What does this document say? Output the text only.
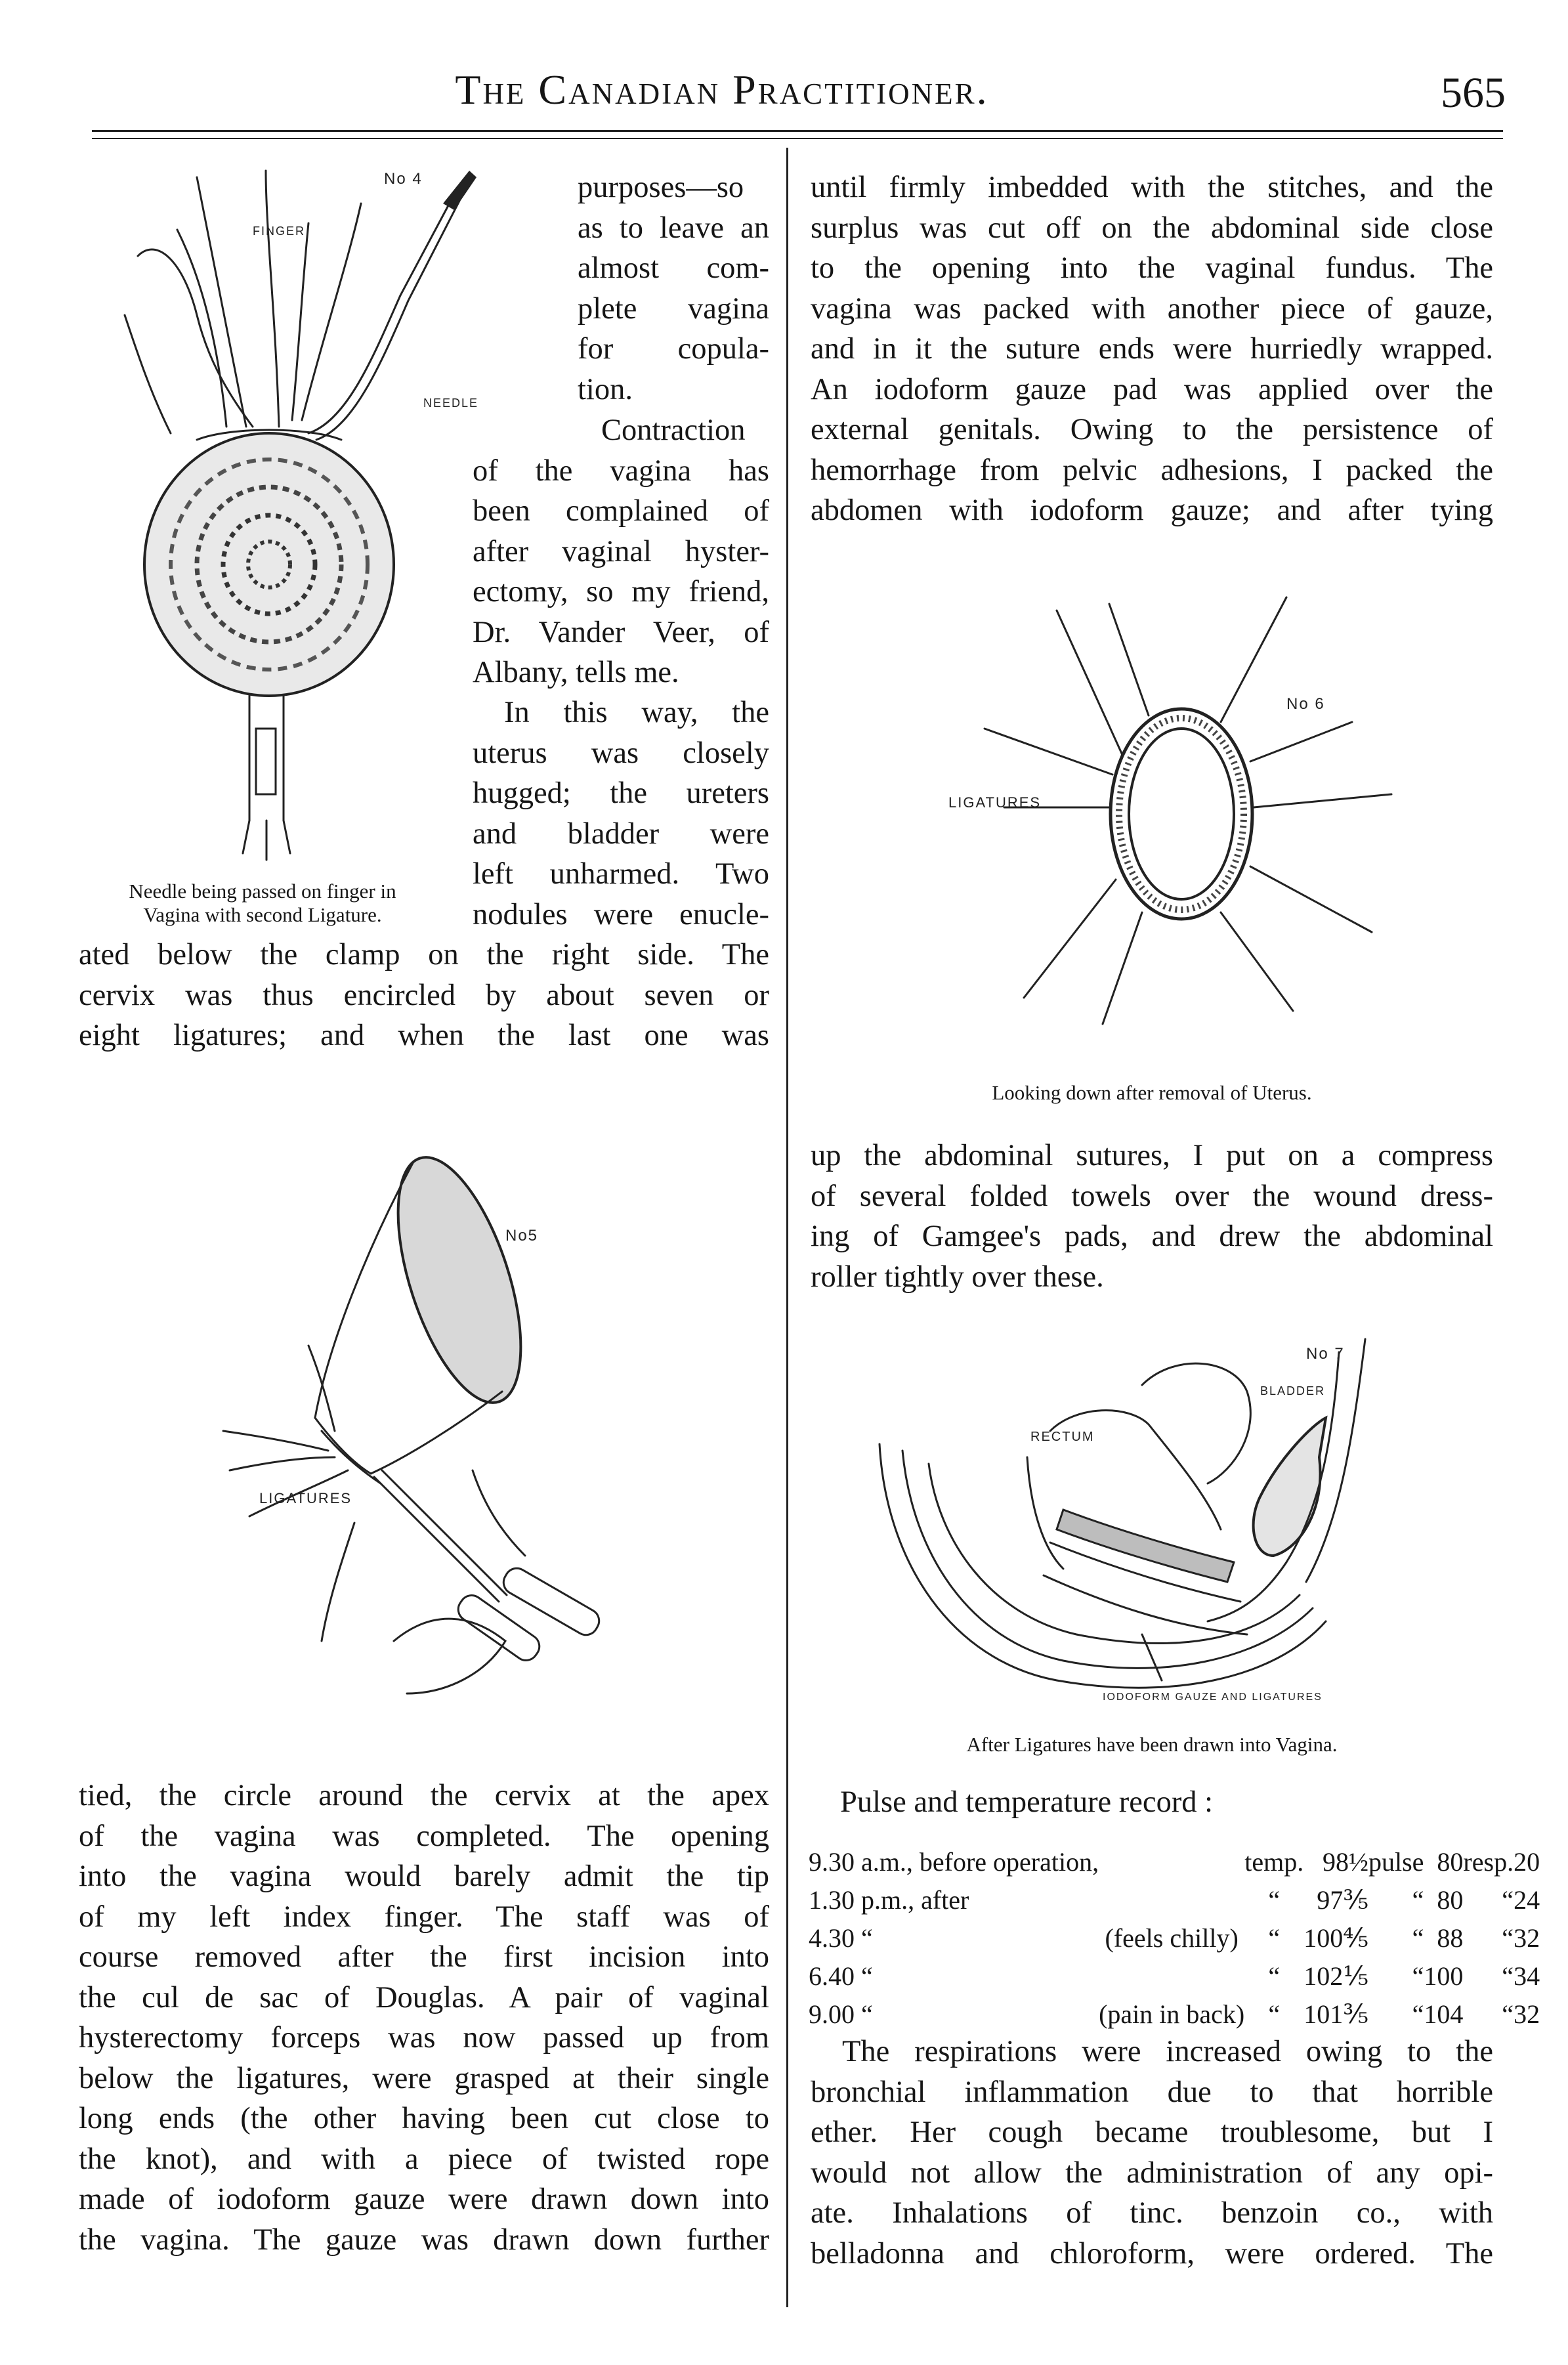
The Canadian Practitioner.	565
No 4
FINGER
NEEDLE
Needle being passed on finger in
Vagina with second Ligature.
purposes—so
as to leave an
almost com-
plete vagina
for copula-
tion.
Contraction
of the vagina has
been complained of
after vaginal hyster-
ectomy, so my friend,
Dr. Vander Veer, of
Albany, tells me.
In this way, the
uterus was closely
hugged; the ureters
and bladder were
left unharmed. Two
nodules were enucle-
ated below the clamp on the right side. The
cervix was thus encircled by about seven or
eight ligatures; and when the last one was
No5
LIGATURES
tied, the circle around the cervix at the apex
of the vagina was completed. The opening
into the vagina would barely admit the tip
of my left index finger. The staff was of
course removed after the first incision into
the cul de sac of Douglas. A pair of vaginal
hysterectomy forceps was now passed up from
below the ligatures, were grasped at their single
long ends (the other having been cut close to
the knot), and with a piece of twisted rope
made of iodoform gauze were drawn down into
the vagina. The gauze was drawn down further
until firmly imbedded with the stitches, and the
surplus was cut off on the abdominal side close
to the opening into the vaginal fundus. The
vagina was packed with another piece of gauze,
and in it the suture ends were hurriedly wrapped.
An iodoform gauze pad was applied over the
external genitals. Owing to the persistence of
hemorrhage from pelvic adhesions, I packed the
abdomen with iodoform gauze; and after tying
No 6
LIGATURES
Looking down after removal of Uterus.
up the abdominal sutures, I put on a compress
of several folded towels over the wound dress-
ing of Gamgee's pads, and drew the abdominal
roller tightly over these.
No 7
BLADDER
RECTUM
IODOFORM GAUZE AND LIGATURES
After Ligatures have been drawn into Vagina.
Pulse and temperature record :
9.30 a.m., before operation,		temp.	98½	pulse	80	resp.	20
1.30 p.m., after		“	97⅗	“	80	“	24
4.30 “	(feels chilly)	“	100⅘	“	88	“	32
6.40 “		“	102⅕	“	100	“	34
9.00 “	(pain in back)	“	101⅗	“	104	“	32
The respirations were increased owing to the
bronchial inflammation due to that horrible
ether. Her cough became troublesome, but I
would not allow the administration of any opi-
ate. Inhalations of tinc. benzoin co., with
belladonna and chloroform, were ordered. The
